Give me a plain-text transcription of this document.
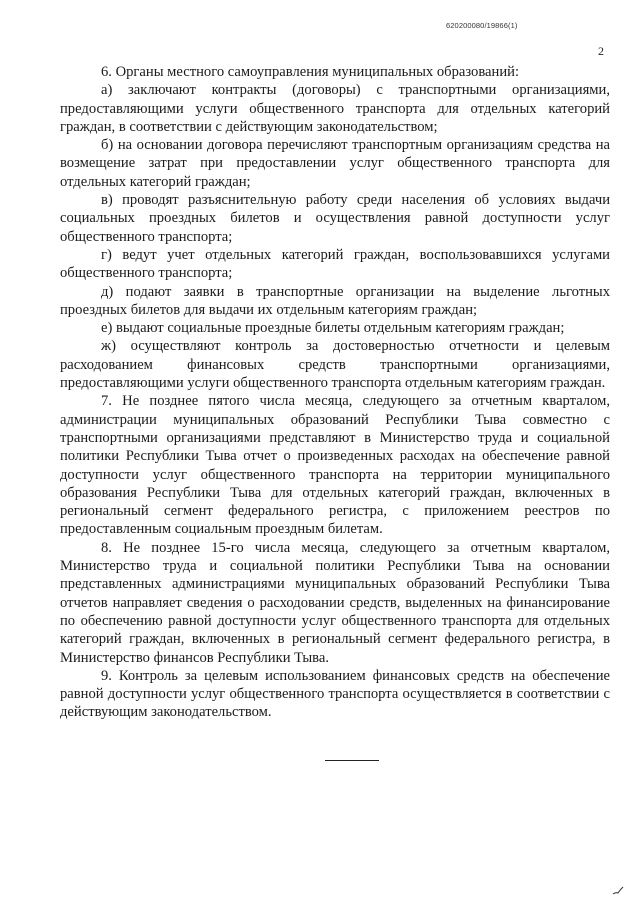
620200080/19866(1)
2

6. Органы местного самоуправления муниципальных образований:

а) заключают контракты (договоры) с транспортными организациями, предоставляющими услуги общественного транспорта для отдельных категорий граждан, в соответствии с действующим законодательством;

б) на основании договора перечисляют транспортным организациям средства на возмещение затрат при предоставлении услуг общественного транспорта для отдельных категорий граждан;

в) проводят разъяснительную работу среди населения об условиях выдачи социальных проездных билетов и осуществления равной доступности услуг общественного транспорта;

г) ведут учет отдельных категорий граждан, воспользовавшихся услугами общественного транспорта;

д) подают заявки в транспортные организации на выделение льготных проездных билетов для выдачи их отдельным категориям граждан;

е) выдают социальные проездные билеты отдельным категориям граждан;

ж) осуществляют контроль за достоверностью отчетности и целевым расходованием финансовых средств транспортными организациями, предоставляющими услуги общественного транспорта отдельным категориям граждан.

7. Не позднее пятого числа месяца, следующего за отчетным кварталом, администрации муниципальных образований Республики Тыва совместно с транспортными организациями представляют в Министерство труда и социальной политики Республики Тыва отчет о произведенных расходах на обеспечение равной доступности услуг общественного транспорта на территории муниципального образования Республики Тыва для отдельных категорий граждан, включенных в региональный сегмент федерального регистра, с приложением реестров по предоставленным социальным проездным билетам.

8. Не позднее 15-го числа месяца, следующего за отчетным кварталом, Министерство труда и социальной политики Республики Тыва на основании представленных администрациями муниципальных образований Республики Тыва отчетов направляет сведения о расходовании средств, выделенных на финансирование по обеспечению равной доступности услуг общественного транспорта для отдельных категорий граждан, включенных в региональный сегмент федерального регистра, в Министерство финансов Республики Тыва.

9. Контроль за целевым использованием финансовых средств на обеспечение равной доступности услуг общественного транспорта осуществляется в соответствии с действующим законодательством.
